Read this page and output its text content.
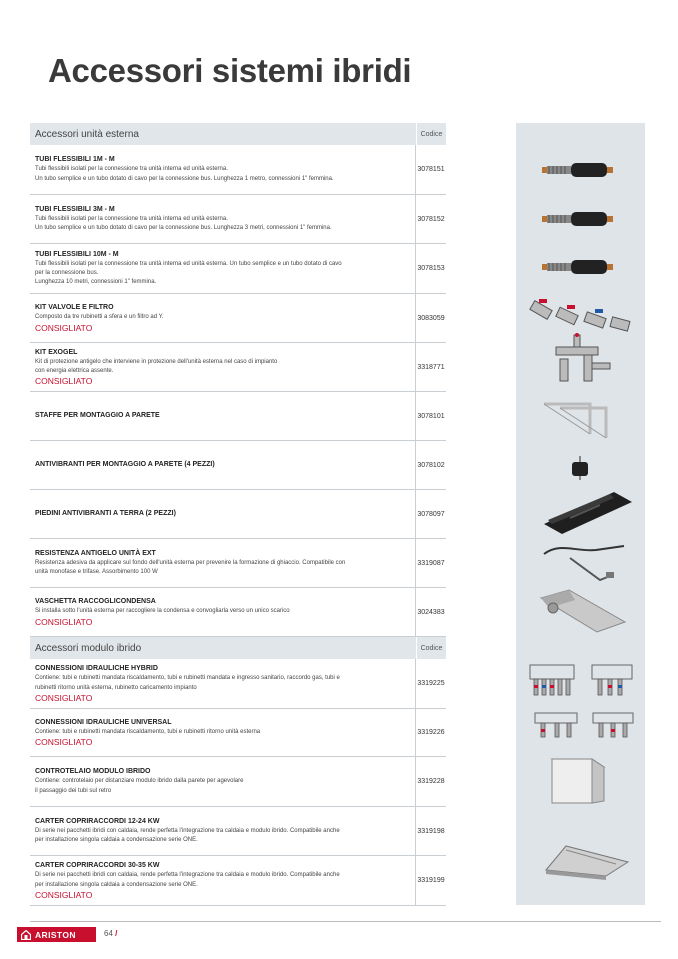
Accessori sistemi ibridi
Accessori unità esterna	Codice
TUBI FLESSIBILI 1M - M
Tubi flessibili isolati per la connessione tra unità interna ed unità esterna.
Un tubo semplice e un tubo dotato di cavo per la connessione bus. Lunghezza 1 metro, connessioni 1" femmina.
3078151
TUBI FLESSIBILI 3M - M
Tubi flessibili isolati per la connessione tra unità interna ed unità esterna.
Un tubo semplice e un tubo dotato di cavo per la connessione bus. Lunghezza 3 metri, connessioni 1" femmina.
3078152
TUBI FLESSIBILI 10M - M
Tubi flessibili isolati per la connessione tra unità interna ed unità esterna. Un tubo semplice e un tubo dotato di cavo
per la connessione bus.
Lunghezza 10 metri, connessioni 1" femmina.
3078153
KIT VALVOLE E FILTRO
Composto da tre rubinetti a sfera e un filtro ad Y.
CONSIGLIATO
3083059
KIT EXOGEL
Kit di protezione antigelo che interviene in protezione dell'unità esterna nel caso di impianto
con energia elettrica assente.
CONSIGLIATO
3318771
STAFFE PER MONTAGGIO A PARETE	3078101
ANTIVIBRANTI PER MONTAGGIO A PARETE (4 PEZZI)	3078102
PIEDINI ANTIVIBRANTI A TERRA (2 PEZZI)	3078097
RESISTENZA ANTIGELO UNITÀ EXT
Resistenza adesiva da applicare sul fondo dell'unità esterna per prevenire la formazione di ghiaccio. Compatibile con
unità monofase e trifase. Assorbimento 100 W
3319087
VASCHETTA RACCOGLICONDENSA
Si installa sotto l'unità esterna per raccogliere la condensa e convogliarla verso un unico scarico
CONSIGLIATO
3024383
Accessori modulo ibrido	Codice
CONNESSIONI IDRAULICHE HYBRID
Contiene: tubi e rubinetti mandata riscaldamento, tubi e rubinetti mandata e ingresso sanitario, raccordo gas, tubi e
rubinetti ritorno unità esterna, rubinetto caricamento impianto
CONSIGLIATO
3319225
CONNESSIONI IDRAULICHE UNIVERSAL
Contiene: tubi e rubinetti mandata riscaldamento, tubi e rubinetti ritorno unità esterna
CONSIGLIATO
3319226
CONTROTELAIO MODULO IBRIDO
Contiene: controtelaio per distanziare modulo ibrido dalla parete per agevolare
il passaggio dei tubi sul retro
3319228
CARTER COPRIRACCORDI 12-24 KW
Di serie nei pacchetti ibridi con caldaia, rende perfetta l'integrazione tra caldaia e modulo ibrido. Compatibile anche
per installazione singola caldaia a condensazione serie ONE.
3319198
CARTER COPRIRACCORDI 30-35 KW
Di serie nei pacchetti ibridi con caldaia, rende perfetta l'integrazione tra caldaia e modulo ibrido. Compatibile anche
per installazione singola caldaia a condensazione serie ONE.
CONSIGLIATO
3319199
ARISTON	64 /
